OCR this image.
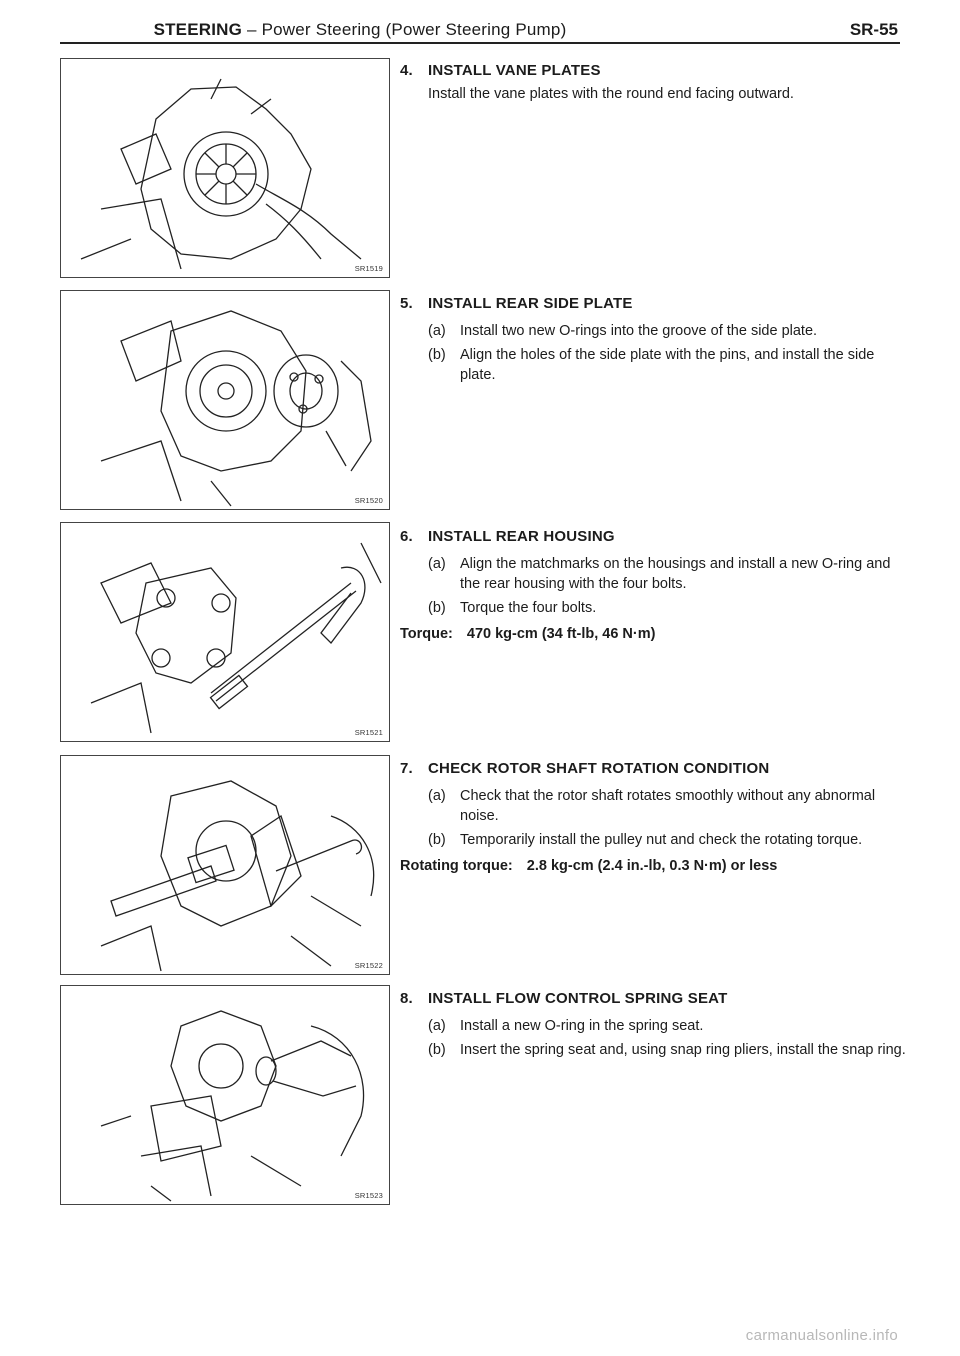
STEERING – Power Steering (Power Steering Pump)	SR-55
SR1519
SR1520
SR1521
SR1522
SR1523
4. INSTALL VANE PLATES
Install the vane plates with the round end facing outward.
5. INSTALL REAR SIDE PLATE
(a) Install two new O-rings into the groove of the side plate.
(b) Align the holes of the side plate with the pins, and install the side plate.
6. INSTALL REAR HOUSING
(a) Align the matchmarks on the housings and install a new O-ring and the rear housing with the four bolts.
(b) Torque the four bolts.
Torque: 470 kg-cm (34 ft-lb, 46 N·m)
7. CHECK ROTOR SHAFT ROTATION CONDITION
(a) Check that the rotor shaft rotates smoothly without any abnormal noise.
(b) Temporarily install the pulley nut and check the rotating torque.
Rotating torque: 2.8 kg-cm (2.4 in.-lb, 0.3 N·m) or less
8. INSTALL FLOW CONTROL SPRING SEAT
(a) Install a new O-ring in the spring seat.
(b) Insert the spring seat and, using snap ring pliers, install the snap ring.
carmanualsonline.info
